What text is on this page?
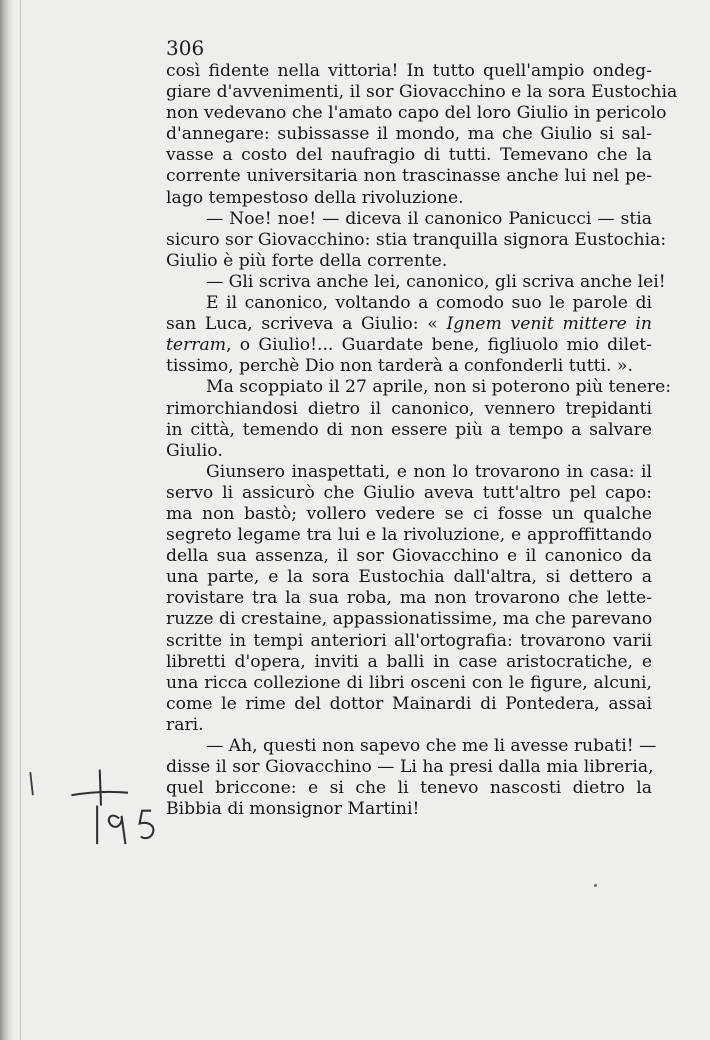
306
così fidente nella vittoria! In tutto quell'ampio ondeg-
giare d'avvenimenti, il sor Giovacchino e la sora Eustochia
non vedevano che l'amato capo del loro Giulio in pericolo
d'annegare: subissasse il mondo, ma che Giulio si sal-
vasse a costo del naufragio di tutti. Temevano che la
corrente universitaria non trascinasse anche lui nel pe-
lago tempestoso della rivoluzione.
— Noe! noe! — diceva il canonico Panicucci — stia
sicuro sor Giovacchino: stia tranquilla signora Eustochia:
Giulio è più forte della corrente.
— Gli scriva anche lei, canonico, gli scriva anche lei!
E il canonico, voltando a comodo suo le parole di
san Luca, scriveva a Giulio: « Ignem venit mittere in
terram, o Giulio!... Guardate bene, figliuolo mio dilet-
tissimo, perchè Dio non tarderà a confonderli tutti. ».
Ma scoppiato il 27 aprile, non si poterono più tenere:
rimorchiandosi dietro il canonico, vennero trepidanti
in città, temendo di non essere più a tempo a salvare
Giulio.
Giunsero inaspettati, e non lo trovarono in casa: il
servo li assicurò che Giulio aveva tutt'altro pel capo:
ma non bastò; vollero vedere se ci fosse un qualche
segreto legame tra lui e la rivoluzione, e approffittando
della sua assenza, il sor Giovacchino e il canonico da
una parte, e la sora Eustochia dall'altra, si dettero a
rovistare tra la sua roba, ma non trovarono che lette-
ruzze di crestaine, appassionatissime, ma che parevano
scritte in tempi anteriori all'ortografia: trovarono varii
libretti d'opera, inviti a balli in case aristocratiche, e
una ricca collezione di libri osceni con le figure, alcuni,
come le rime del dottor Mainardi di Pontedera, assai
rari.
— Ah, questi non sapevo che me li avesse rubati! —
disse il sor Giovacchino — Li ha presi dalla mia libreria,
quel briccone: e si che li tenevo nascosti dietro la
Bibbia di monsignor Martini!
